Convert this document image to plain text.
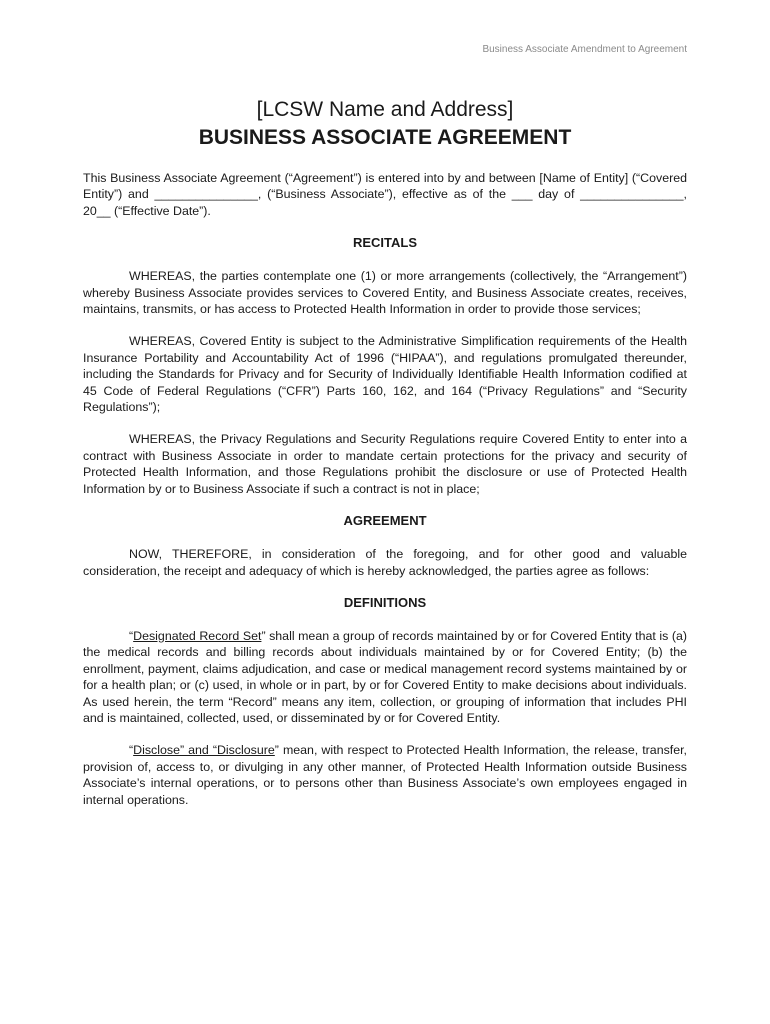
Business Associate Amendment to Agreement
[LCSW Name and Address]
BUSINESS ASSOCIATE AGREEMENT

This Business Associate Agreement (“Agreement”) is entered into by and between [Name of Entity] (“Covered Entity”) and _______________, (“Business Associate”), effective as of the ___ day of _______________, 20__ (“Effective Date”).

RECITALS

WHEREAS, the parties contemplate one (1) or more arrangements (collectively, the “Arrangement”) whereby Business Associate provides services to Covered Entity, and Business Associate creates, receives, maintains, transmits, or has access to Protected Health Information in order to provide those services;

WHEREAS, Covered Entity is subject to the Administrative Simplification requirements of the Health Insurance Portability and Accountability Act of 1996 (“HIPAA”), and regulations promulgated thereunder, including the Standards for Privacy and for Security of Individually Identifiable Health Information codified at 45 Code of Federal Regulations (“CFR”) Parts 160, 162, and 164 (“Privacy Regulations” and “Security Regulations”);

WHEREAS, the Privacy Regulations and Security Regulations require Covered Entity to enter into a contract with Business Associate in order to mandate certain protections for the privacy and security of Protected Health Information, and those Regulations prohibit the disclosure or use of Protected Health Information by or to Business Associate if such a contract is not in place;

AGREEMENT

NOW, THEREFORE, in consideration of the foregoing, and for other good and valuable consideration, the receipt and adequacy of which is hereby acknowledged, the parties agree as follows:

DEFINITIONS

“Designated Record Set” shall mean a group of records maintained by or for Covered Entity that is (a) the medical records and billing records about individuals maintained by or for Covered Entity; (b) the enrollment, payment, claims adjudication, and case or medical management record systems maintained by or for a health plan; or (c) used, in whole or in part, by or for Covered Entity to make decisions about individuals. As used herein, the term “Record” means any item, collection, or grouping of information that includes PHI and is maintained, collected, used, or disseminated by or for Covered Entity.

“Disclose” and “Disclosure” mean, with respect to Protected Health Information, the release, transfer, provision of, access to, or divulging in any other manner, of Protected Health Information outside Business Associate’s internal operations, or to persons other than Business Associate’s own employees engaged in internal operations.
